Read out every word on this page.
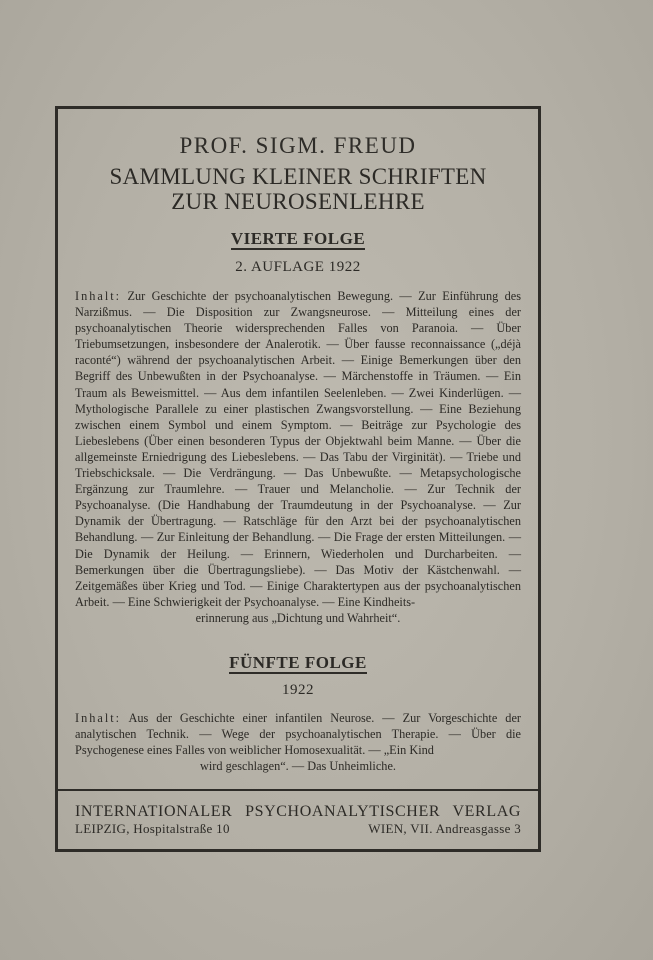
PROF. SIGM. FREUD
SAMMLUNG KLEINER SCHRIFTEN
ZUR NEUROSENLEHRE
VIERTE FOLGE
2. AUFLAGE 1922
Inhalt: Zur Geschichte der psychoanalytischen Bewegung. — Zur Einführung des Narzißmus. — Die Disposition zur Zwangsneurose. — Mitteilung eines der psychoanalytischen Theorie widersprechenden Falles von Paranoia. — Über Triebumsetzungen, insbesondere der Analerotik. — Über fausse reconnaissance („déjà raconté“) während der psychoanalytischen Arbeit. — Einige Bemerkungen über den Begriff des Unbewußten in der Psychoanalyse. — Märchenstoffe in Träumen. — Ein Traum als Beweismittel. — Aus dem infantilen Seelenleben. — Zwei Kinderlügen. — Mythologische Parallele zu einer plastischen Zwangsvorstellung. — Eine Beziehung zwischen einem Symbol und einem Symptom. — Beiträge zur Psychologie des Liebeslebens (Über einen besonderen Typus der Objektwahl beim Manne. — Über die allgemeinste Erniedrigung des Liebeslebens. — Das Tabu der Virginität). — Triebe und Triebschicksale. — Die Verdrängung. — Das Unbewußte. — Metapsychologische Ergänzung zur Traumlehre. — Trauer und Melancholie. — Zur Technik der Psychoanalyse. (Die Handhabung der Traumdeutung in der Psychoanalyse. — Zur Dynamik der Übertragung. — Ratschläge für den Arzt bei der psychoanalytischen Behandlung. — Zur Einleitung der Behandlung. — Die Frage der ersten Mitteilungen. — Die Dynamik der Heilung. — Erinnern, Wiederholen und Durcharbeiten. — Bemerkungen über die Übertragungsliebe). — Das Motiv der Kästchenwahl. — Zeitgemäßes über Krieg und Tod. — Einige Charaktertypen aus der psychoanalytischen Arbeit. — Eine Schwierigkeit der Psychoanalyse. — Eine Kindheits-
erinnerung aus „Dichtung und Wahrheit“.
FÜNFTE FOLGE
1922
Inhalt: Aus der Geschichte einer infantilen Neurose. — Zur Vorgeschichte der analytischen Technik. — Wege der psychoanalytischen Therapie. — Über die Psychogenese eines Falles von weiblicher Homosexualität. — „Ein Kind
wird geschlagen“. — Das Unheimliche.
INTERNATIONALER PSYCHOANALYTISCHER VERLAG
LEIPZIG, Hospitalstraße 10	WIEN, VII. Andreasgasse 3
